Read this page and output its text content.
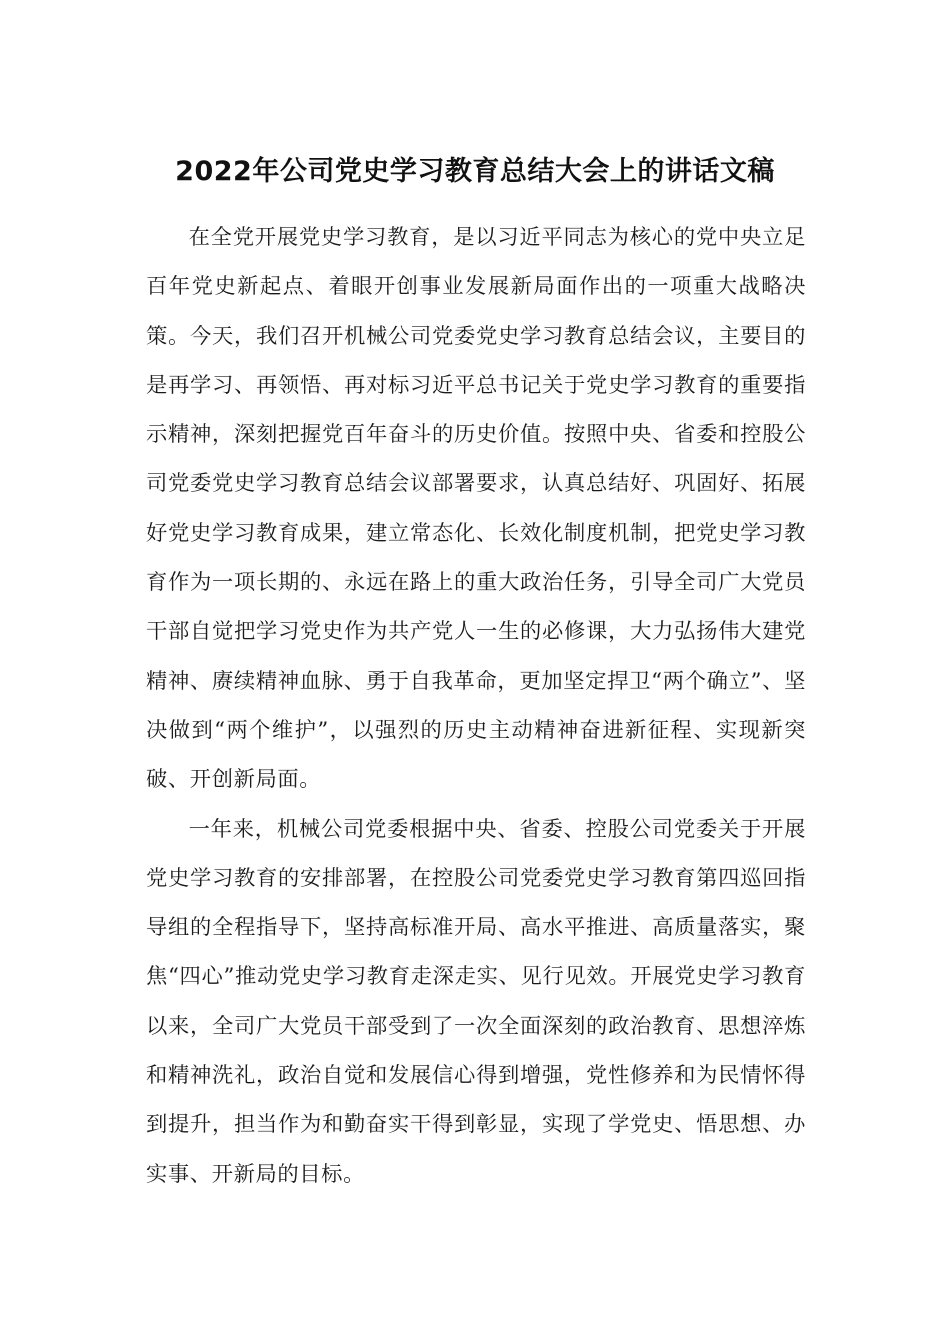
2022年公司党史学习教育总结大会上的讲话文稿

在全党开展党史学习教育，是以习近平同志为核心的党中央立足百年党史新起点、着眼开创事业发展新局面作出的一项重大战略决策。今天，我们召开机械公司党委党史学习教育总结会议，主要目的是再学习、再领悟、再对标习近平总书记关于党史学习教育的重要指示精神，深刻把握党百年奋斗的历史价值。按照中央、省委和控股公司党委党史学习教育总结会议部署要求，认真总结好、巩固好、拓展好党史学习教育成果，建立常态化、长效化制度机制，把党史学习教育作为一项长期的、永远在路上的重大政治任务，引导全司广大党员干部自觉把学习党史作为共产党人一生的必修课，大力弘扬伟大建党精神、赓续精神血脉、勇于自我革命，更加坚定捍卫“两个确立”、坚决做到“两个维护”，以强烈的历史主动精神奋进新征程、实现新突破、开创新局面。

一年来，机械公司党委根据中央、省委、控股公司党委关于开展党史学习教育的安排部署，在控股公司党委党史学习教育第四巡回指导组的全程指导下，坚持高标准开局、高水平推进、高质量落实，聚焦“四心”推动党史学习教育走深走实、见行见效。开展党史学习教育以来，全司广大党员干部受到了一次全面深刻的政治教育、思想淬炼和精神洗礼，政治自觉和发展信心得到增强，党性修养和为民情怀得到提升，担当作为和勤奋实干得到彰显，实现了学党史、悟思想、办实事、开新局的目标。
